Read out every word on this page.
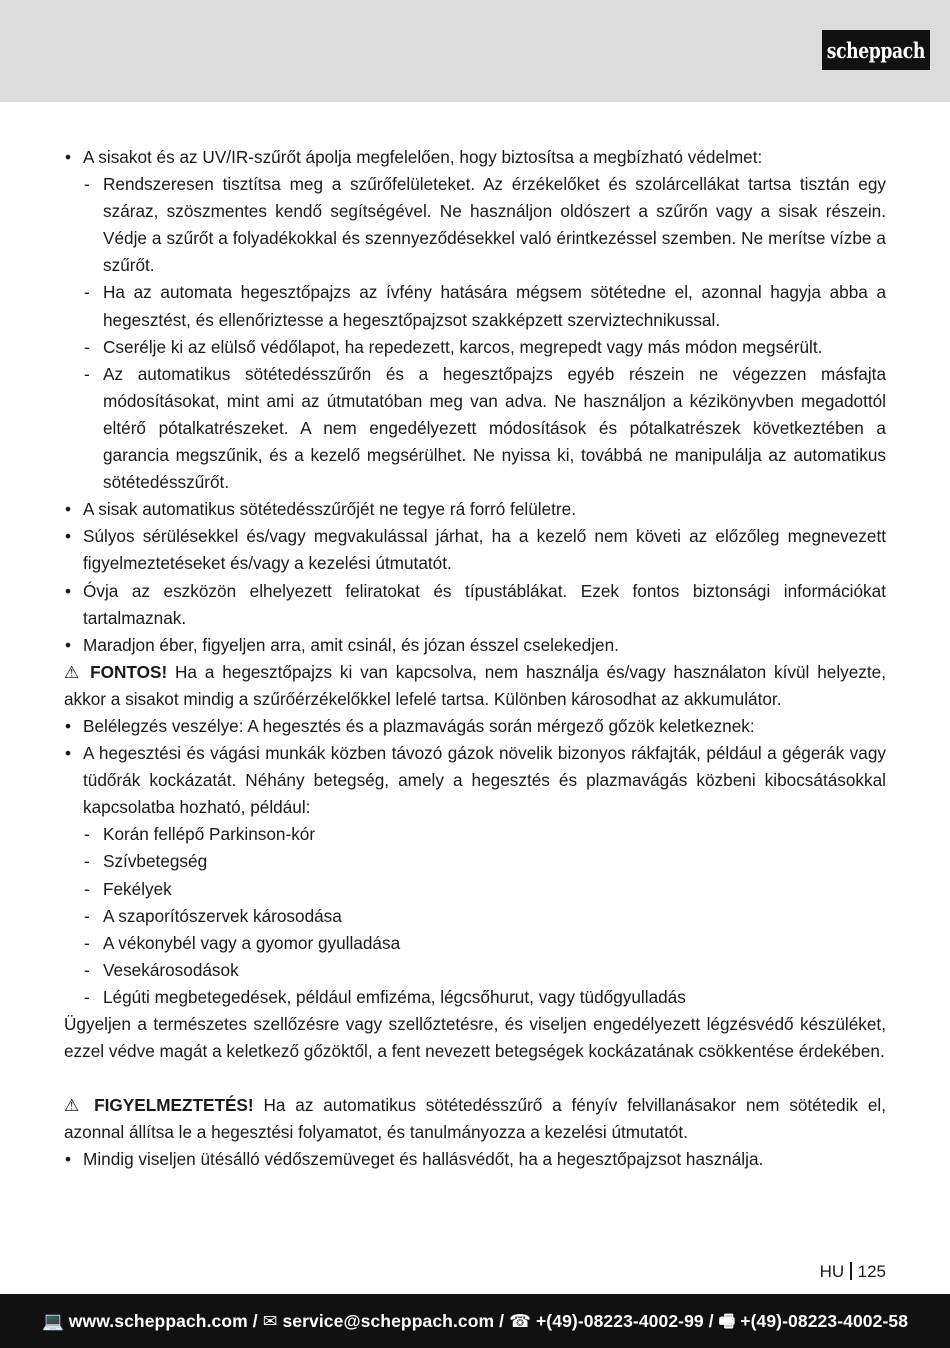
scheppach
• A sisakot és az UV/IR-szűrőt ápolja megfelelően, hogy biztosítsa a megbízható védelmet:
- Rendszeresen tisztítsa meg a szűrőfelületeket. Az érzékelőket és szolárcellákat tartsa tisztán egy száraz, szöszmentes kendő segítségével. Ne használjon oldószert a szűrőn vagy a sisak részein. Védje a szűrőt a folyadékokkal és szennyeződésekkel való érintkezéssel szemben. Ne merítse vízbe a szűrőt.
- Ha az automata hegesztőpajzs az ívfény hatására mégsem sötétedne el, azonnal hagyja abba a hegesztést, és ellenőriztesse a hegesztőpajzsot szakképzett szerviztechnikussal.
- Cserélje ki az elülső védőlapot, ha repedezett, karcos, megrepedt vagy más módon megsérült.
- Az automatikus sötétedésszűrőn és a hegesztőpajzs egyéb részein ne végezzen másfajta módosításokat, mint ami az útmutatóban meg van adva. Ne használjon a kézikönyvben megadottól eltérő pótalkatrészeket. A nem engedélyezett módosítások és pótalkatrészek következtében a garancia megszűnik, és a kezelő megsérülhet. Ne nyissa ki, továbbá ne manipulálja az automatikus sötétedésszűrőt.
• A sisak automatikus sötétedésszűrőjét ne tegye rá forró felületre.
• Súlyos sérülésekkel és/vagy megvakulással járhat, ha a kezelő nem követi az előzőleg megnevezett figyelmeztetéseket és/vagy a kezelési útmutatót.
• Óvja az eszközön elhelyezett feliratokat és típustáblákat. Ezek fontos biztonsági információkat tartalmaznak.
• Maradjon éber, figyeljen arra, amit csinál, és józan ésszel cselekedjen.
⚠ FONTOS! Ha a hegesztőpajzs ki van kapcsolva, nem használja és/vagy használaton kívül helyezte, akkor a sisakot mindig a szűrőérzékelőkkel lefelé tartsa. Különben károsodhat az akkumulátor.
• Belélegzés veszélye: A hegesztés és a plazmavágás során mérgező gőzök keletkeznek:
• A hegesztési és vágási munkák közben távozó gázok növelik bizonyos rákfajták, például a gégerák vagy tüdőrák kockázatát. Néhány betegség, amely a hegesztés és plazmavágás közbeni kibocsátásokkal kapcsolatba hozható, például:
- Korán fellépő Parkinson-kór
- Szívbetegség
- Fekélyek
- A szaporítószervek károsodása
- A vékonybél vagy a gyomor gyulladása
- Vesekárosodások
- Légúti megbetegedések, például emfizéma, légcsőhurut, vagy tüdőgyulladás
Ügyeljen a természetes szellőzésre vagy szellőztetésre, és viseljen engedélyezett légzésvédő készüléket, ezzel védve magát a keletkező gőzöktől, a fent nevezett betegségek kockázatának csökkentése érdekében.
⚠ FIGYELMEZTETÉS! Ha az automatikus sötétedésszűrő a fényív felvillanásakor nem sötétedik el, azonnal állítsa le a hegesztési folyamatot, és tanulmányozza a kezelési útmutatót.
• Mindig viseljen ütésálló védőszemüveget és hallásvédőt, ha a hegesztőpajzsot használja.
HU 125
💻 www.scheppach.com / ✉ service@scheppach.com / ☎ +(49)-08223-4002-99 / 🖷 +(49)-08223-4002-58
